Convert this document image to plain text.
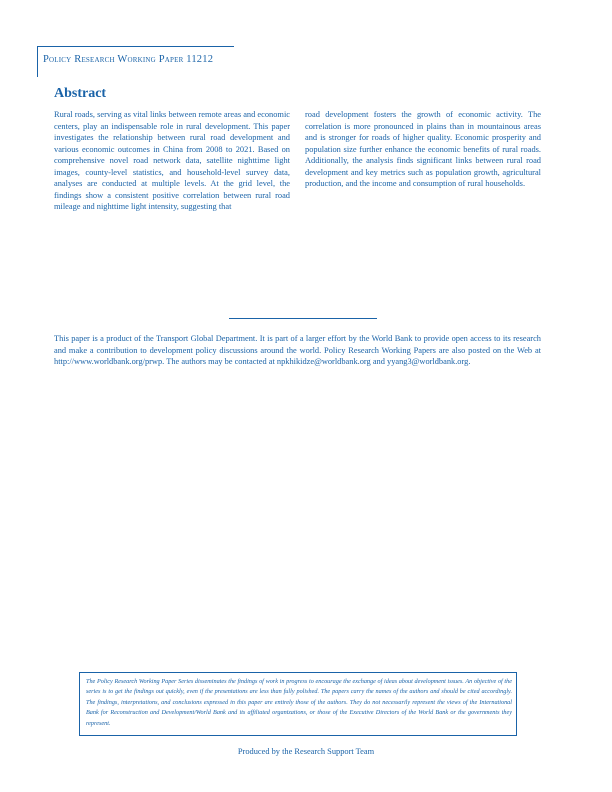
Policy Research Working Paper 11212
Abstract

Rural roads, serving as vital links between remote areas and economic centers, play an indispensable role in rural development. This paper investigates the relationship between rural road development and various economic outcomes in China from 2008 to 2021. Based on comprehensive novel road network data, satellite nighttime light images, county-level statistics, and household-level survey data, analyses are conducted at multiple levels. At the grid level, the findings show a consistent positive correlation between rural road mileage and nighttime light intensity, suggesting that

road development fosters the growth of economic activity. The correlation is more pronounced in plains than in mountainous areas and is stronger for roads of higher quality. Economic prosperity and population size further enhance the economic benefits of rural roads. Additionally, the analysis finds significant links between rural road development and key metrics such as population growth, agricultural production, and the income and consumption of rural households.

This paper is a product of the Transport Global Department. It is part of a larger effort by the World Bank to provide open access to its research and make a contribution to development policy discussions around the world. Policy Research Working Papers are also posted on the Web at http://www.worldbank.org/prwp. The authors may be contacted at npkhikidze@worldbank.org and yyang3@worldbank.org.

The Policy Research Working Paper Series disseminates the findings of work in progress to encourage the exchange of ideas about development issues. An objective of the series is to get the findings out quickly, even if the presentations are less than fully polished. The papers carry the names of the authors and should be cited accordingly. The findings, interpretations, and conclusions expressed in this paper are entirely those of the authors. They do not necessarily represent the views of the International Bank for Reconstruction and Development/World Bank and its affiliated organizations, or those of the Executive Directors of the World Bank or the governments they represent.

Produced by the Research Support Team
